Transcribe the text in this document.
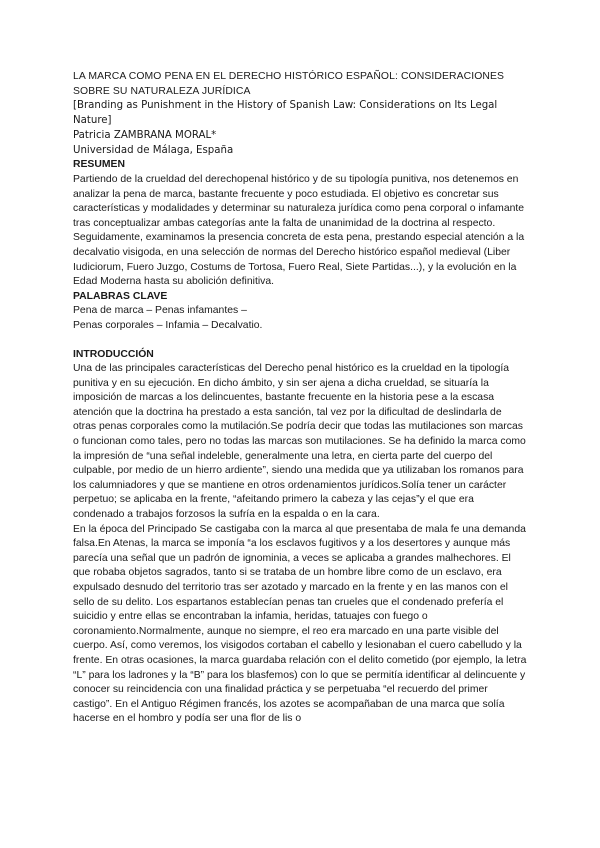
LA MARCA COMO PENA EN EL DERECHO HISTÓRICO ESPAÑOL: CONSIDERACIONES SOBRE SU NATURALEZA JURÍDICA

[Branding as Punishment in the History of Spanish Law: Considerations on Its Legal Nature]

Patricia ZAMBRANA MORAL*

Universidad de Málaga, España

RESUMEN

Partiendo de la crueldad del derechopenal histórico y de su tipología punitiva, nos detenemos en analizar la pena de marca, bastante frecuente y poco estudiada. El objetivo es concretar sus características y modalidades y determinar su naturaleza jurídica como pena corporal o infamante tras conceptualizar ambas categorías ante la falta de unanimidad de la doctrina al respecto. Seguidamente, examinamos la presencia concreta de esta pena, prestando especial atención a la decalvatio visigoda, en una selección de normas del Derecho histórico español medieval (Liber Iudiciorum, Fuero Juzgo, Costums de Tortosa, Fuero Real, Siete Partidas...), y la evolución en la Edad Moderna hasta su abolición definitiva.

PALABRAS CLAVE

Pena de marca – Penas infamantes –

Penas corporales – Infamia – Decalvatio.

INTRODUCCIÓN

Una de las principales características del Derecho penal histórico es la crueldad en la tipología punitiva y en su ejecución. En dicho ámbito, y sin ser ajena a dicha crueldad, se situaría la imposición de marcas a los delincuentes, bastante frecuente en la historia pese a la escasa atención que la doctrina ha prestado a esta sanción, tal vez por la dificultad de deslindarla de otras penas corporales como la mutilación.Se podría decir que todas las mutilaciones son marcas o funcionan como tales, pero no todas las marcas son mutilaciones. Se ha definido la marca como la impresión de “una señal indeleble, generalmente una letra, en cierta parte del cuerpo del culpable, por medio de un hierro ardiente”, siendo una medida que ya utilizaban los romanos para los calumniadores y que se mantiene en otros ordenamientos jurídicos.Solía tener un carácter perpetuo; se aplicaba en la frente, “afeitando primero la cabeza y las cejas”y el que era condenado a trabajos forzosos la sufría en la espalda o en la cara.

En la época del Principado Se castigaba con la marca al que presentaba de mala fe una demanda falsa.En Atenas, la marca se imponía “a los esclavos fugitivos y a los desertores y aunque más parecía una señal que un padrón de ignominia, a veces se aplicaba a grandes malhechores. El que robaba objetos sagrados, tanto si se trataba de un hombre libre como de un esclavo, era expulsado desnudo del territorio tras ser azotado y marcado en la frente y en las manos con el sello de su delito. Los espartanos establecían penas tan crueles que el condenado prefería el suicidio y entre ellas se encontraban la infamia, heridas, tatuajes con fuego o coronamiento.Normalmente, aunque no siempre, el reo era marcado en una parte visible del cuerpo. Así, como veremos, los visigodos cortaban el cabello y lesionaban el cuero cabelludo y la frente. En otras ocasiones, la marca guardaba relación con el delito cometido (por ejemplo, la letra “L” para los ladrones y la “B” para los blasfemos) con lo que se permitía identificar al delincuente y conocer su reincidencia con una finalidad práctica y se perpetuaba “el recuerdo del primer castigo”. En el Antiguo Régimen francés, los azotes se acompañaban de una marca que solía hacerse en el hombro y podía ser una flor de lis o
